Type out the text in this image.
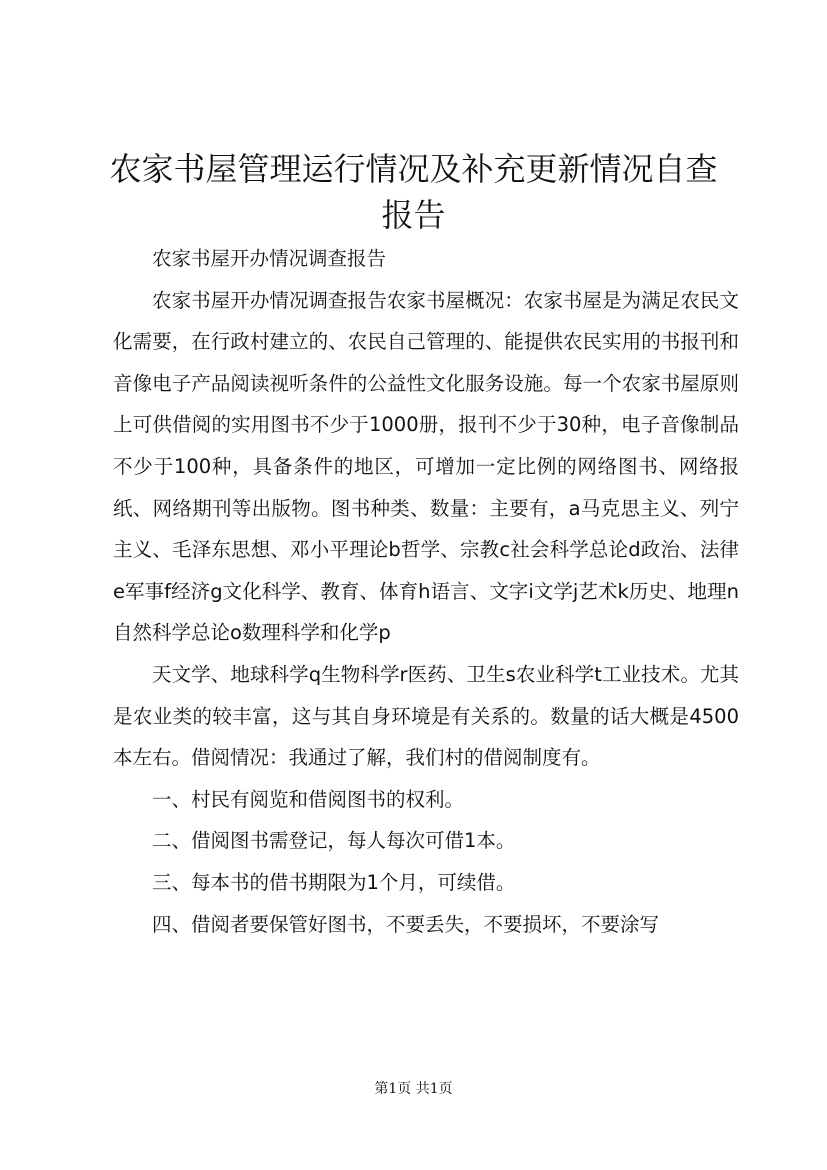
农家书屋管理运行情况及补充更新情况自查报告

农家书屋开办情况调查报告

农家书屋开办情况调查报告农家书屋概况：农家书屋是为满足农民文化需要，在行政村建立的、农民自己管理的、能提供农民实用的书报刊和音像电子产品阅读视听条件的公益性文化服务设施。每一个农家书屋原则上可供借阅的实用图书不少于1000册，报刊不少于30种，电子音像制品不少于100种，具备条件的地区，可增加一定比例的网络图书、网络报纸、网络期刊等出版物。图书种类、数量：主要有，a马克思主义、列宁主义、毛泽东思想、邓小平理论b哲学、宗教c社会科学总论d政治、法律e军事f经济g文化科学、教育、体育h语言、文字i文学j艺术k历史、地理n自然科学总论o数理科学和化学p

天文学、地球科学q生物科学r医药、卫生s农业科学t工业技术。尤其是农业类的较丰富，这与其自身环境是有关系的。数量的话大概是4500本左右。借阅情况：我通过了解，我们村的借阅制度有。

一、村民有阅览和借阅图书的权利。

二、借阅图书需登记，每人每次可借1本。

三、每本书的借书期限为1个月，可续借。

四、借阅者要保管好图书，不要丢失，不要损坏，不要涂写

第1页 共1页
